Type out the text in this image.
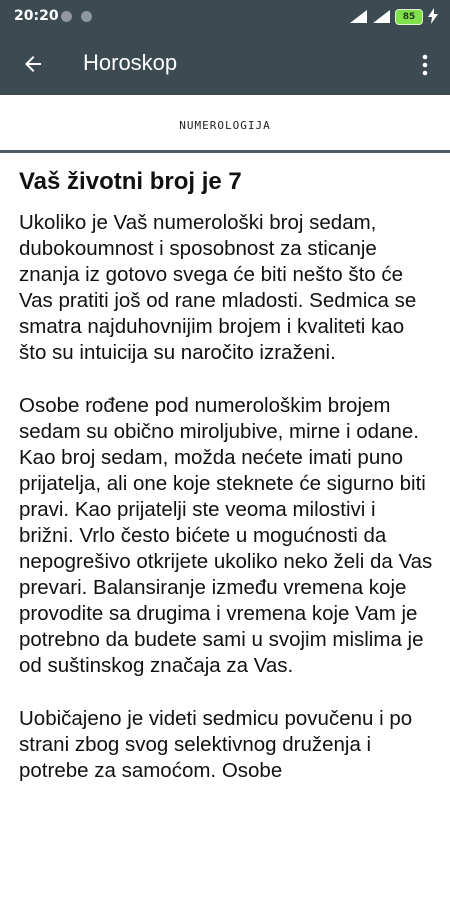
20:20	85
Horoskop
NUMEROLOGIJA
Vaš životni broj je 7

Ukoliko je Vaš numerološki broj sedam, dubokoumnost i sposobnost za sticanje znanja iz gotovo svega će biti nešto što će Vas pratiti još od rane mladosti. Sedmica se smatra najduhovnijim brojem i kvaliteti kao što su intuicija su naročito izraženi.

Osobe rođene pod numerološkim brojem sedam su obično miroljubive, mirne i odane. Kao broj sedam, možda nećete imati puno prijatelja, ali one koje steknete će sigurno biti pravi. Kao prijatelji ste veoma milostivi i brižni. Vrlo često bićete u mogućnosti da nepogrešivo otkrijete ukoliko neko želi da Vas prevari. Balansiranje između vremena koje provodite sa drugima i vremena koje Vam je potrebno da budete sami u svojim mislima je od suštinskog značaja za Vas.

Uobičajeno je videti sedmicu povučenu i po strani zbog svog selektivnog druženja i potrebe za samoćom. Osobe
